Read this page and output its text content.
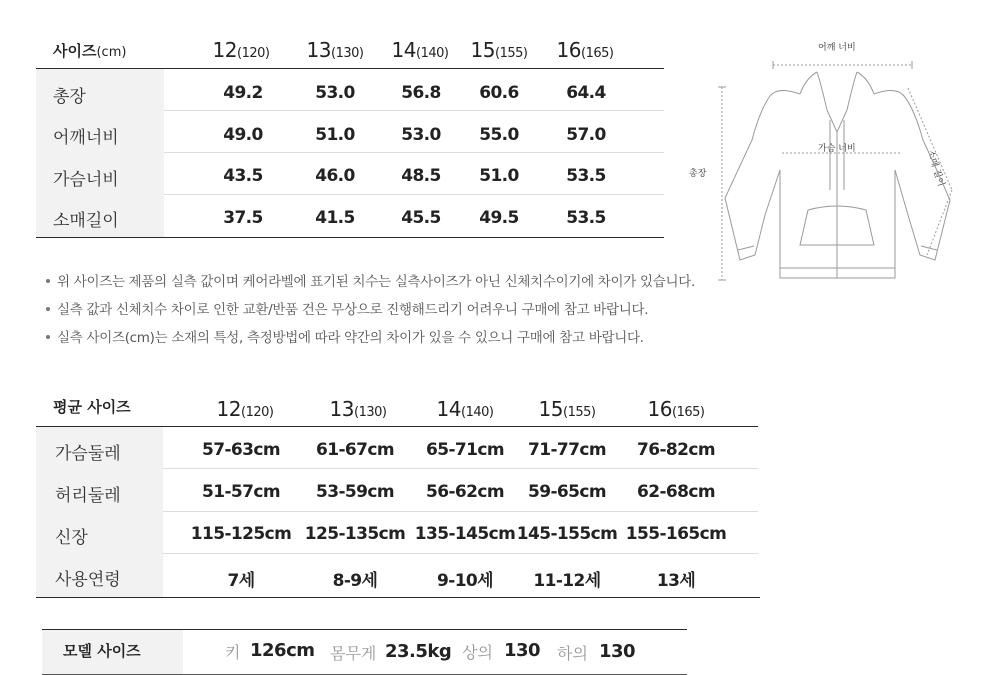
사이즈(cm)	12(120) 13(130) 14(140) 15(155) 16(165)
총장	49.2	53.0	56.8 60.6	64.4
어깨너비	49.0	51.0	53.0 55.0	57.0
가슴너비	43.5	46.0	48.5 51.0	53.5
소매길이	37.5	41.5	45.5 49.5	53.5
어깨 너비
가슴 너비
총장	소매 길이
위 사이즈는 제품의 실측 값이며 케어라벨에 표기된 치수는 실측사이즈가 아닌 신체치수이기에 차이가 있습니다.
실측 값과 신체치수 차이로 인한 교환/반품 건은 무상으로 진행해드리기 어려우니 구매에 참고 바랍니다.
실측 사이즈(cm)는 소재의 특성, 측정방법에 따라 약간의 차이가 있을 수 있으니 구매에 참고 바랍니다.
평균 사이즈	12(120)	13(130)	14(140) 15(155)	16(165)
가슴둘레	57-63cm 61-67cm 65-71cm 71-77cm 76-82cm
허리둘레	51-57cm 53-59cm 56-62cm 59-65cm 62-68cm
신장	115-125cm 125-135cm 135-145cm 145-155cm 155-165cm
사용연령	7세	8-9세	9-10세 11-12세	13세
모델 사이즈	키 126cm 몸무게 23.5kg 상의 130 하의 130
